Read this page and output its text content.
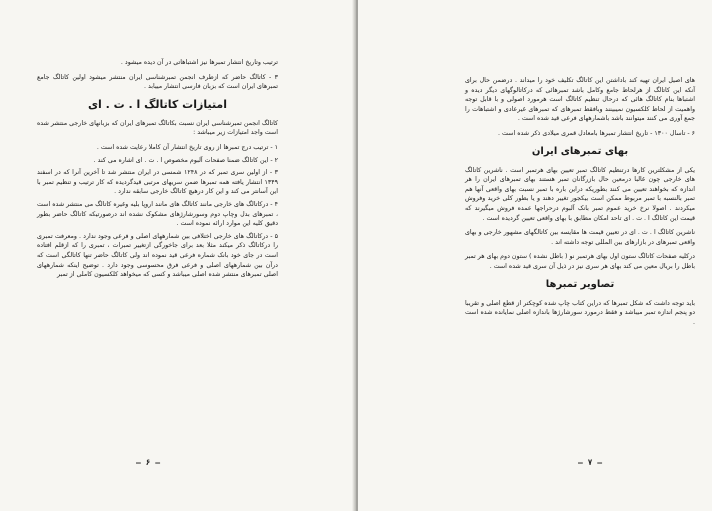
ترتیب وتاریخ انتشار تمبرها نیز اشتباهاتی در آن دیده میشود .

۳ - کاتالگ حاضر که ازطرف انجمن تمبرشناسی ایران منتشر میشود اولین کاتالگ جامع تمبرهای ایران است که بزبان فارسی انتشار مییابد .

امتیازات کاتالگ ا . ت . ای

کاتالگ انجمن تمبرشناسی ایران نسبت بکاتالگ تمبرهای ایران که بزبانهای خارجی منتشر شده است واجد امتیازات زیر میباشد :

۱ - ترتیب درج تمبرها از روی تاریخ انتشار آن کاملا رعایت شده است .

۲ - این کاتالگ ضمنا صفحات آلبوم مخصوص ا . ت . ای اشاره می کند .

۳ - از اولین سری تمبر که در ۱۲۴۸ شمسی در ایران منتشر شد تا آخرین آنرا که در اسفند ۱۳۴۹ انتشار یافته همه تمبرها ضمن سریهای مرتبی قیدگردیده که کار ترتیب و تنظیم تمبر با این آسانتر می کند و این کار درهیچ کاتالگ خارجی سابقه ندارد .

۴ - درکاتالگ های خارجی مانند کاتالگ های مانند اروپا بلیه وغیره کاتالگ می منتشر شده است ، تمبرهای بدل وچاپ دوم وسورشارژهای مشکوک نشده اند درصورتیکه کاتالگ حاضر بطور دقیق کلیه این موارد ارائه نموده است .

۵ - درکاتالگ های خارجی اختلافی بین شمارههای اصلی و فرعی وجود ندارد . ومعرفت تمبری را درکاتالگ ذکر میکند مثلا بعد برای جاخورگی ازتغییر تمبرات ، تمبری را که ازقلم افتاده است در جای خود بانک شماره فرعی قید نموده اند ولی کاتالگ حاضر تنها کاتالگی است که درآن بین شمارههای اصلی و فرعی فرق محسوسی وجود دارد . توضیح اینکه شمارههای اصلی تمبرهای منتشر شده اصلی میباشد و کسی که میخواهد کلکسیون کاملی از تمبر

— ۶ —

های اصیل ایران تهیه کند باداشتن این کاتالگ تکلیف خود را میداند . درضمن حال برای آنکه این کاتالگ از هرلحاظ جامع وکامل باشد تمبرهائی که درکاتالوگهای دیگر دیده و اشتباها بنام کاتالگ هائی که درحال تنظیم کاتالگ است هرمورد اصولی و با قابل توجه واهمیت از لحاظ کلکسیون نمیبینند وبافقط تمبرهای که تمبرهای غیرعادی و اشتباهات را جمع آوری می کنند میتوانند باشد باشمارههای فرعی قید شده است .

۶ - تاسال ۱۳۰۰ - تاریخ انتشار تمبرها بامعادل قمری میلادی ذکر شده است .

بهای تمبرهای ایران

یکی از مشکلترین کارها درتنظیم کاتالگ تمبر تعیین بهای هرتمبر است . ناشرین کاتالگ های خارجی چون غالبا درمعین حال بازرگانان تمبر هستند بهای تمبرهای ایران را هر اندازه که بخواهند تعیین می کنند بطوریکه دراین باره با تمبر نسبت بهای واقعی آنها هم تمبر بالنسبه با تمبر مربوط ممکن است بیکجور تغییر دهند و یا بطور کلی خرید وفروش میکردند . اصولا نرخ خرید عموم تمبر بانک آلبوم درحراجها عمده فروش میگیرند که قیمت این کاتالگ ا . ت . ای تاحد امکان مطابق با بهای واقعی تعیین گردیده است .

ناشرین کاتالگ ا . ت . ای در تعیین قیمت ها مقایسه بین کاتالگهای مشهور خارجی و بهای واقعی تمبرهای در بازارهای بین المللی توجه داشته اند .

درکلیه صفحات کاتالگ ستون اول بهای هرتمبر نو ( باطل نشده ) ستون دوم بهای هر تمبر باطل را بریال معین می کند بهای هر سری نیز در ذیل آن سری قید شده است .

تصاویر تمبرها

باید توجه داشت که شکل تمبرها که دراین کتاب چاپ شده کوچکتر از قطع اصلی و تقریبا دو پنجم اندازه تمبر میباشد و فقط درمورد سورشارژها باندازه اصلی نمایانده شده است .

— ۷ —
